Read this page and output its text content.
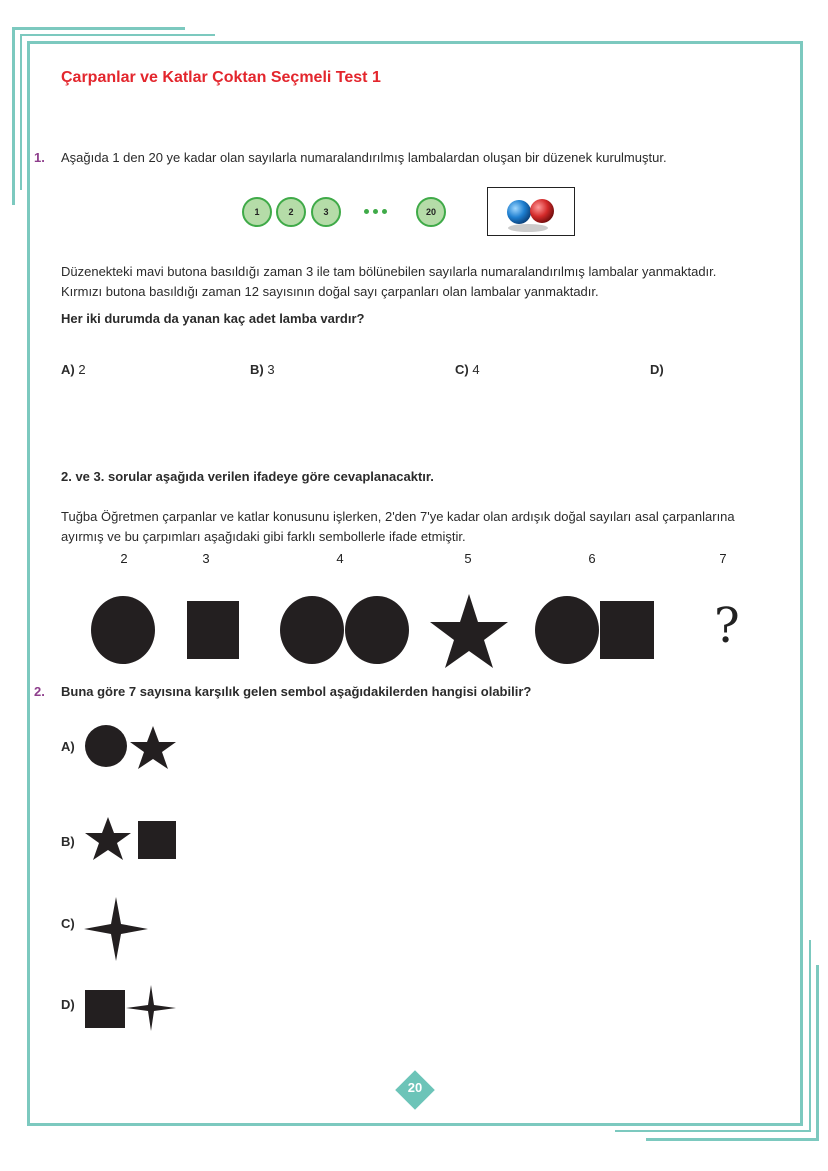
Çarpanlar ve Katlar Çoktan Seçmeli Test 1
1. Aşağıda 1 den 20 ye kadar olan sayılarla numaralandırılmış lambalardan oluşan bir düzenek kurulmuştur.
1	2	3	20
Düzenekteki mavi butona basıldığı zaman 3 ile tam bölünebilen sayılarla numaralandırılmış lambalar yanmaktadır.
Kırmızı butona basıldığı zaman 12 sayısının doğal sayı çarpanları olan lambalar yanmaktadır.
Her iki durumda da yanan kaç adet lamba vardır?
A) 2	B) 3	C) 4	D)
2. ve 3. sorular aşağıda verilen ifadeye göre cevaplanacaktır.
Tuğba Öğretmen çarpanlar ve katlar konusunu işlerken, 2'den 7'ye kadar olan ardışık doğal sayıları asal çarpanlarına
ayırmış ve bu çarpımları aşağıdaki gibi farklı sembollerle ifade etmiştir.
2	3	4	5	6	7
?
2. Buna göre 7 sayısına karşılık gelen sembol aşağıdakilerden hangisi olabilir?
A)
B)
C)
D)
20
